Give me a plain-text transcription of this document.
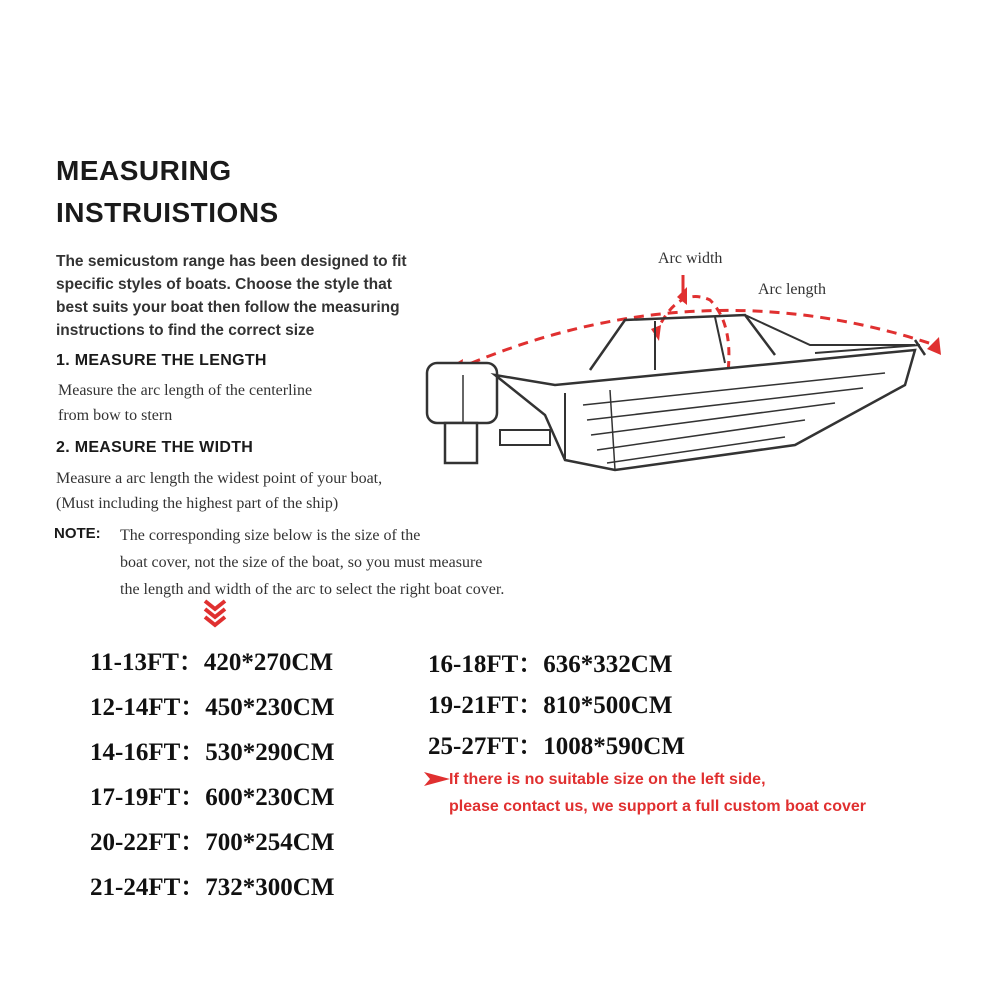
MEASURING
INSTRUISTIONS
The semicustom range has been designed to fit
specific styles of boats. Choose the style that
best suits your boat then follow the measuring
instructions to find the correct size
1. MEASURE THE LENGTH
Measure the arc length of the centerline
from bow to stern
2. MEASURE THE WIDTH
Measure a arc length the widest point of your boat,
(Must including the highest part of the ship)
NOTE: The corresponding size below is the size of the
boat cover, not the size of the boat, so you must measure
the length and width of the arc to select the right boat cover.
Arc width
Arc length
11-13FT：420*270CM
12-14FT：450*230CM
14-16FT：530*290CM
17-19FT：600*230CM
20-22FT：700*254CM
21-24FT：732*300CM
16-18FT：636*332CM
19-21FT：810*500CM
25-27FT：1008*590CM
If there is no suitable size on the left side,
please contact us, we support a full custom boat cover
